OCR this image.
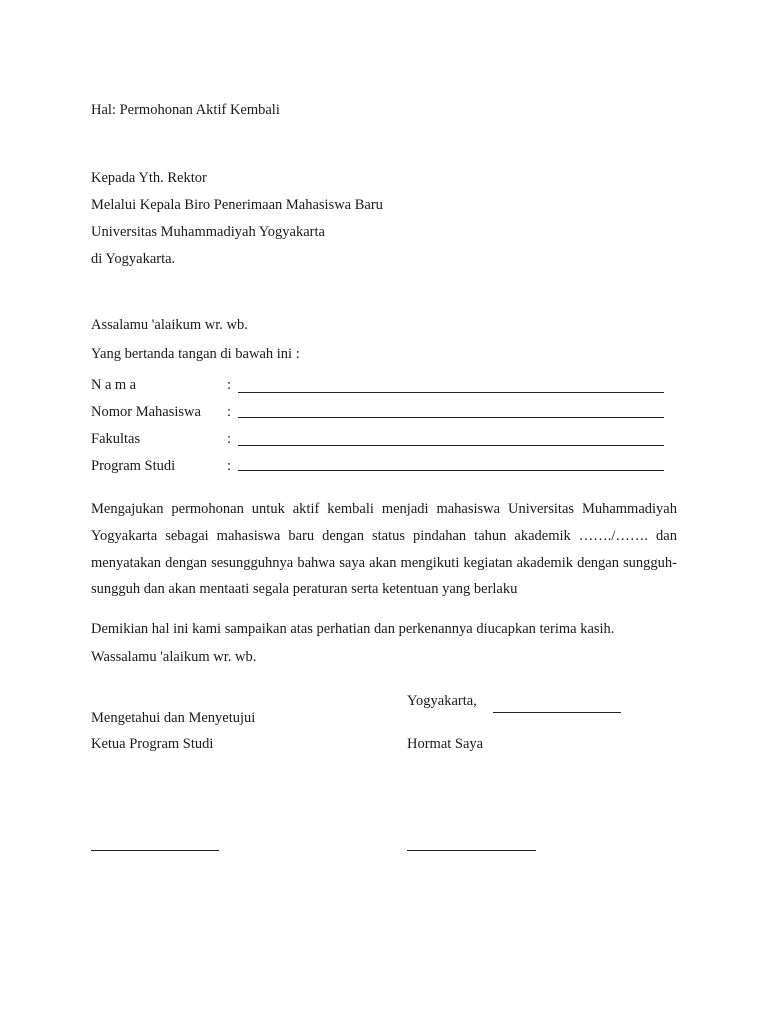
Hal: Permohonan Aktif Kembali
Kepada Yth. Rektor
Melalui Kepala Biro Penerimaan Mahasiswa Baru
Universitas Muhammadiyah Yogyakarta
di Yogyakarta.
Assalamu 'alaikum wr. wb.
Yang bertanda tangan di bawah ini :
Nama	:
Nomor Mahasiswa :
Fakultas	:
Program Studi	:
Mengajukan permohonan untuk aktif kembali menjadi mahasiswa Universitas Muhammadiyah Yogyakarta sebagai mahasiswa baru dengan status pindahan tahun akademik ……./……. dan menyatakan dengan sesungguhnya bahwa saya akan mengikuti kegiatan akademik dengan sungguh-sungguh dan akan mentaati segala peraturan serta ketentuan yang berlaku
Demikian hal ini kami sampaikan atas perhatian dan perkenannya diucapkan terima kasih.
Wassalamu 'alaikum wr. wb.
Yogyakarta,
Mengetahui dan Menyetujui
Ketua Program Studi	Hormat Saya
